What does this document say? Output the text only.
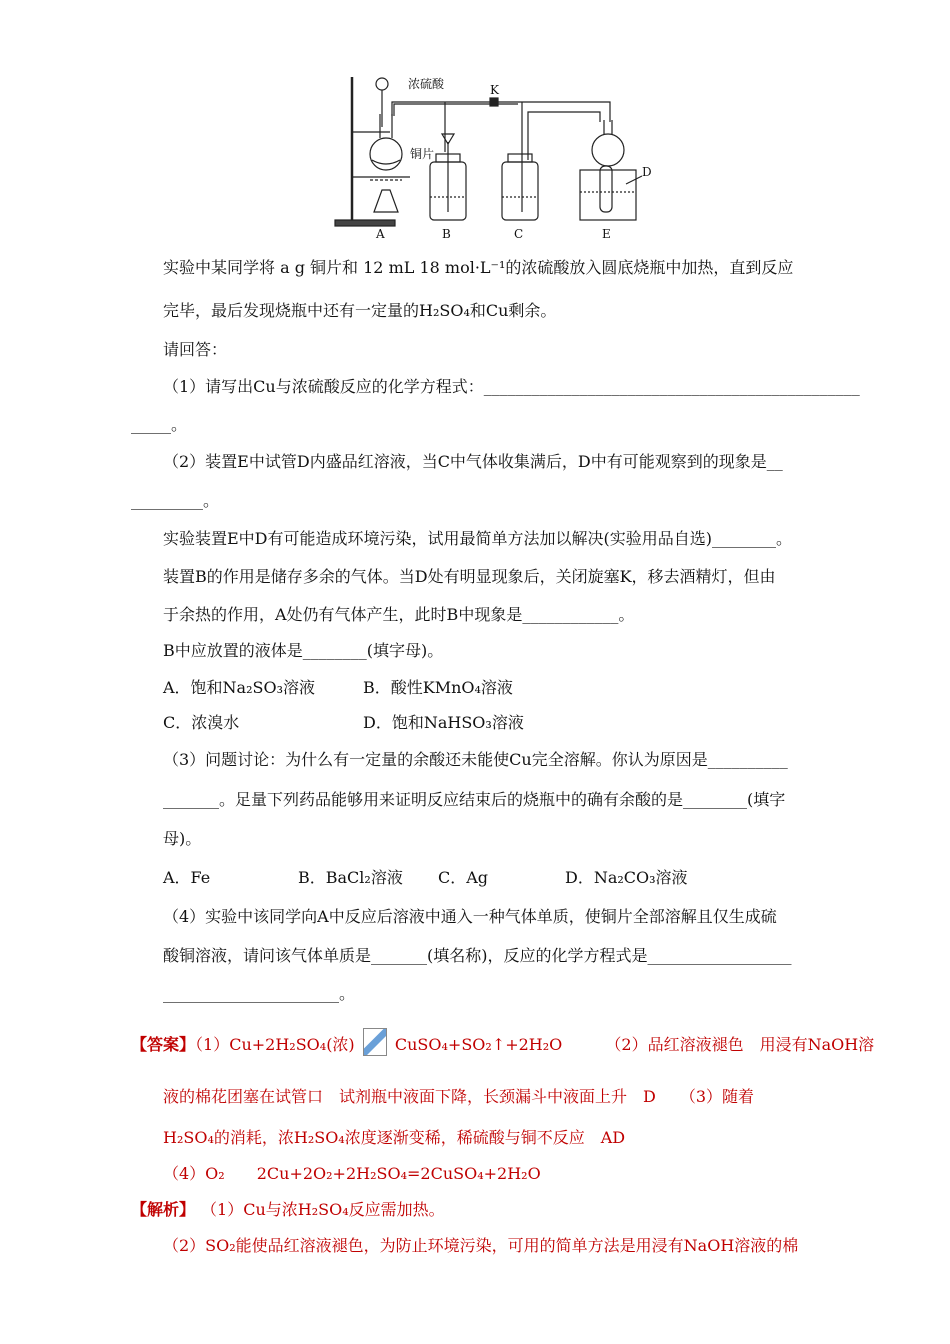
浓硫酸
铜片
K
A	B	C	E
D
实验中某同学将 a g 铜片和 12 mL 18 mol·L⁻¹的浓硫酸放入圆底烧瓶中加热，直到反应
完毕，最后发现烧瓶中还有一定量的H₂SO₄和Cu剩余。
请回答：
（1）请写出Cu与浓硫酸反应的化学方程式：_______________________________________________
_____。
（2）装置E中试管D内盛品红溶液，当C中气体收集满后，D中有可能观察到的现象是__
_________。
实验装置E中D有可能造成环境污染，试用最简单方法加以解决(实验用品自选)________。
装置B的作用是储存多余的气体。当D处有明显现象后，关闭旋塞K，移去酒精灯，但由
于余热的作用，A处仍有气体产生，此时B中现象是____________。
B中应放置的液体是________(填字母)。
A．饱和Na₂SO₃溶液	B．酸性KMnO₄溶液
C．浓溴水	D．饱和NaHSO₃溶液
（3）问题讨论：为什么有一定量的余酸还未能使Cu完全溶解。你认为原因是__________
_______。足量下列药品能够用来证明反应结束后的烧瓶中的确有余酸的是________(填字
母)。
A．Fe	B．BaCl₂溶液 C．Ag	D．Na₂CO₃溶液
（4）实验中该同学向A中反应后溶液中通入一种气体单质，使铜片全部溶解且仅生成硫
酸铜溶液，请问该气体单质是_______(填名称)，反应的化学方程式是__________________
______________________。
【答案】（1）Cu+2H₂SO₄(浓)	CuSO₄+SO₂↑+2H₂O	（2）品红溶液褪色　用浸有NaOH溶
液的棉花团塞在试管口　试剂瓶中液面下降，长颈漏斗中液面上升　D　　（3）随着
H₂SO₄的消耗，浓H₂SO₄浓度逐渐变稀，稀硫酸与铜不反应　AD
（4）O₂　　2Cu+2O₂+2H₂SO₄=2CuSO₄+2H₂O
【解析】 （1）Cu与浓H₂SO₄反应需加热。
（2）SO₂能使品红溶液褪色，为防止环境污染，可用的简单方法是用浸有NaOH溶液的棉
